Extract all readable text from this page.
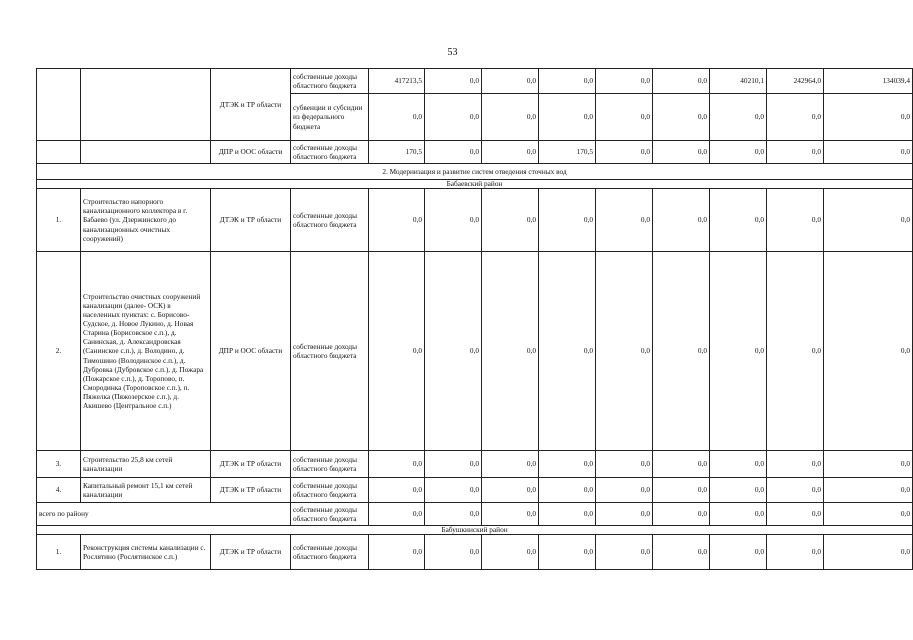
53
		ДТЭК и ТР области	собственные доходы областного бюджета	417213,5	0,0	0,0	0,0	0,0	0,0	40210,1	242964,0	134039,4
			субвенции и субсидии из федерального бюджета	0,0	0,0	0,0	0,0	0,0	0,0	0,0	0,0	0,0
		ДПР и ООС области	собственные доходы областного бюджета	170,5	0,0	0,0	170,5	0,0	0,0	0,0	0,0	0,0
2. Модернизация и развитие систем отведения сточных вод												
Бабаевский район												
1.	Строительство напорного канализационного коллектора в г. Бабаево (ул. Дзержинского до канализационных очистных сооружений)	ДТЭК и ТР области	собственные доходы областного бюджета	0,0	0,0	0,0	0,0	0,0	0,0	0,0	0,0	0,0
2.	Строительство очистных сооружений канализации (далее- ОСК) в населенных пунктах: с. Борисово-Судское, д. Новое Лукино, д. Новая Старина (Борисовское с.п.), д. Санинская, д. Александровская (Санинское с.п.), д. Володино, д. Тимошино (Володинское с.п.), д. Дубровка (Дубровское с.п.), д. Пожара (Пожарское с.п.), д. Торопово, п. Смородинка (Тороповское с.п.), п. Пяжелка (Пяжозерское с.п.), д. Акишево (Центральное с.п.)	ДПР и ООС области	собственные доходы областного бюджета	0,0	0,0	0,0	0,0	0,0	0,0	0,0	0,0	0,0
3.	Строительство 25,8 км сетей канализации	ДТЭК и ТР области	собственные доходы областного бюджета	0,0	0,0	0,0	0,0	0,0	0,0	0,0	0,0	0,0
4.	Капитальный ремонт 15,1 км сетей канализации	ДТЭК и ТР области	собственные доходы областного бюджета	0,0	0,0	0,0	0,0	0,0	0,0	0,0	0,0	0,0
всего по району			собственные доходы областного бюджета	0,0	0,0	0,0	0,0	0,0	0,0	0,0	0,0	0,0
Бабушкинский район												
1.	Реконструкция системы канализации с. Рослятино (Рослятинское с.п.)	ДТЭК и ТР области	собственные доходы областного бюджета	0,0	0,0	0,0	0,0	0,0	0,0	0,0	0,0	0,0
